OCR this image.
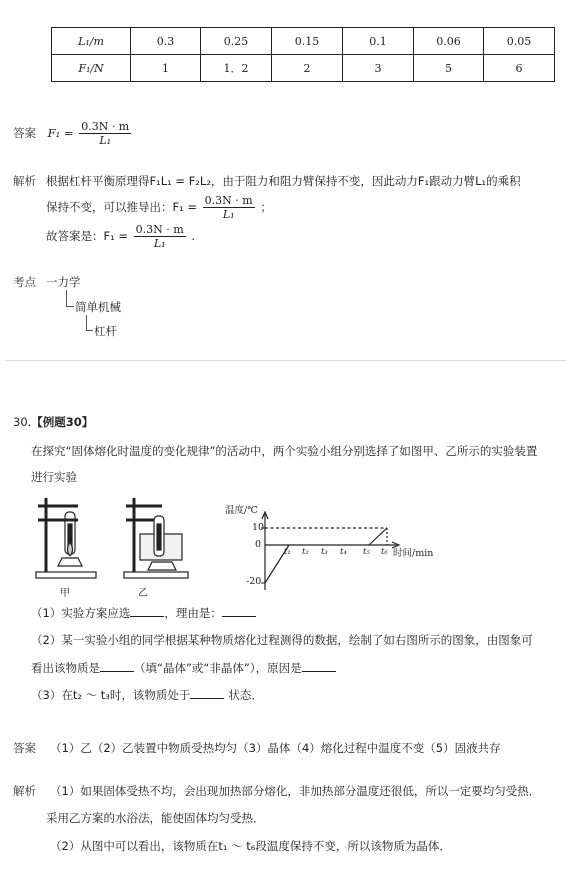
L₁/m	0.3	0.25	0.15	0.1	0.06	0.05
F₁/N	1	1．2	2	3	5	6
答案 $F_1 = \frac{0.3N \cdot m}{\text{L₁}}$
解析 根据杠杆平衡原理得F₁L₁ = F₂L₂，由于阻力和阻力臂保持不变，因此动力F₁跟动力臂L₁的乘积
保持不变，可以推导出：$F_1 = \frac{0.3N \cdot m}{\text{L₁}}$ ；
故答案是：$F_1 = \frac{0.3N \cdot m}{\text{L₁}}$ .
考点 一力学
简单机械
杠杆
30.【例题30】
在探究“固体熔化时温度的变化规律”的活动中，两个实验小组分别选择了如图甲、乙所示的实验装置
进行实验
甲	乙
温度/℃
10
0
-20
t₁ t₂ t₃ t₄ t₅ t₆ 时间/min
（1）实验方案应选	，理由是：
（2）某一实验小组的同学根据某种物质熔化过程测得的数据，绘制了如右图所示的图象，由图象可
看出该物质是	（填“晶体”或“非晶体”），原因是
（3）在t₂ ～ t₃时，该物质处于	状态．
答案 （1）乙（2）乙装置中物质受热均匀（3）晶体（4）熔化过程中温度不变（5）固液共存
解析 （1）如果固体受热不均，会出现加热部分熔化，非加热部分温度还很低，所以一定要均匀受热．
采用乙方案的水浴法，能使固体均匀受热．
（2）从图中可以看出，该物质在t₁ ～ t₆段温度保持不变，所以该物质为晶体．
